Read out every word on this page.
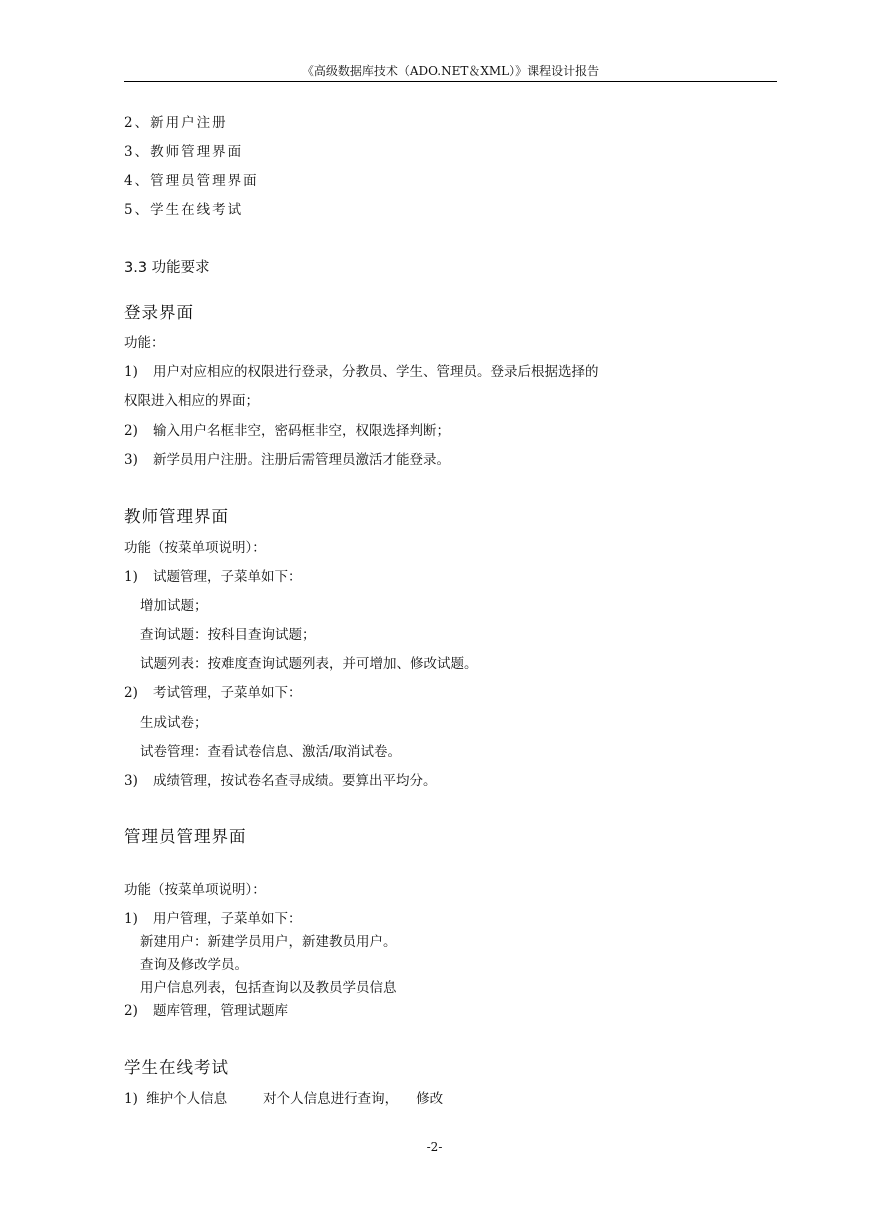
《高级数据库技术（ADO.NET＆XML）》课程设计报告
2、新用户注册
3、教师管理界面
4、管理员管理界面
5、学生在线考试
3.3 功能要求
登录界面
功能：
1) 用户对应相应的权限进行登录，分教员、学生、管理员。登录后根据选择的
权限进入相应的界面；
2) 输入用户名框非空，密码框非空，权限选择判断；
3) 新学员用户注册。注册后需管理员激活才能登录。
教师管理界面
功能（按菜单项说明）：
1) 试题管理，子菜单如下：
增加试题；
查询试题：按科目查询试题；
试题列表：按难度查询试题列表，并可增加、修改试题。
2) 考试管理，子菜单如下：
生成试卷；
试卷管理：查看试卷信息、激活/取消试卷。
3) 成绩管理，按试卷名查寻成绩。要算出平均分。
管理员管理界面
功能（按菜单项说明）：
1) 用户管理，子菜单如下：
新建用户：新建学员用户，新建教员用户。
查询及修改学员。
用户信息列表，包括查询以及教员学员信息
2) 题库管理，管理试题库
学生在线考试
1) 维护个人信息	对个人信息进行查询， 修改
-2-
